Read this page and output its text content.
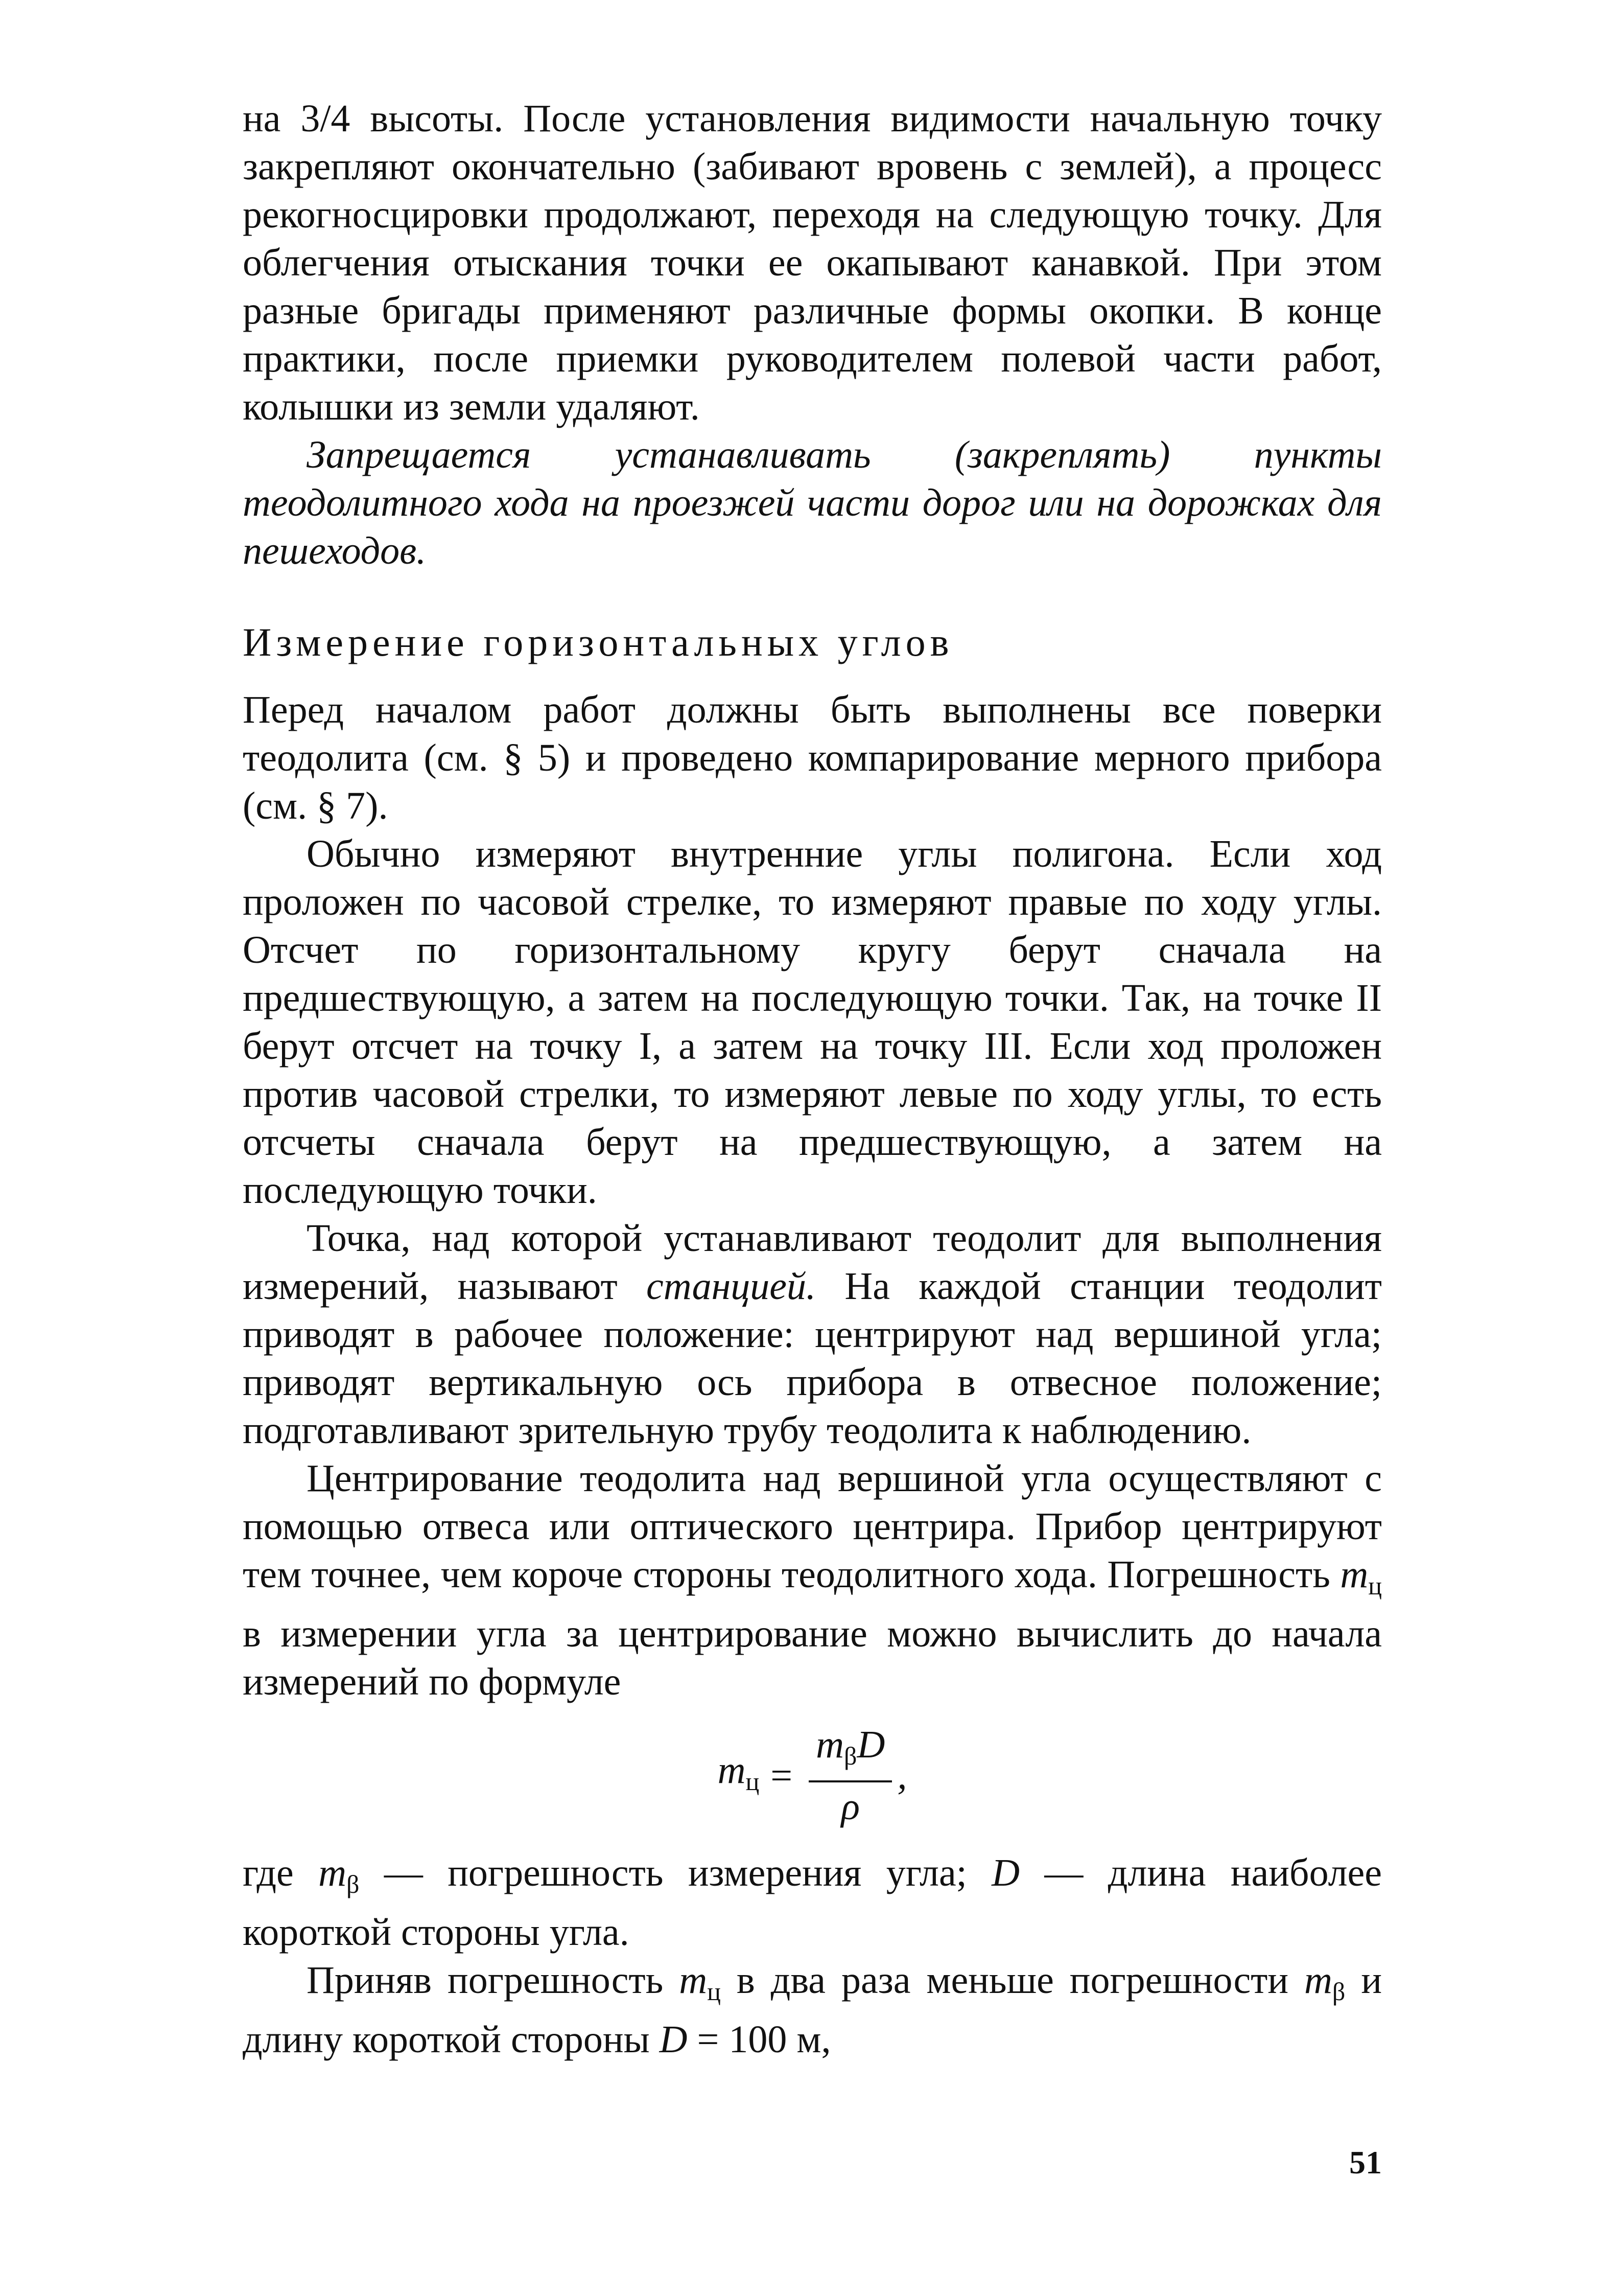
на 3/4 высоты. После установления видимости начальную точку закрепляют окончательно (забивают вровень с землей), а процесс рекогносцировки продолжают, переходя на следующую точку. Для облегчения отыскания точки ее окапывают канавкой. При этом разные бригады применяют различные формы окопки. В конце практики, после приемки руководителем полевой части работ, колышки из земли удаляют.

Запрещается устанавливать (закреплять) пункты теодолитного хода на проезжей части дорог или на дорожках для пешеходов.

Измерение горизонтальных углов

Перед началом работ должны быть выполнены все поверки теодолита (см. § 5) и проведено компарирование мерного прибора (см. § 7).

Обычно измеряют внутренние углы полигона. Если ход проложен по часовой стрелке, то измеряют правые по ходу углы. Отсчет по горизонтальному кругу берут сначала на предшествующую, а затем на последующую точки. Так, на точке II берут отсчет на точку I, а затем на точку III. Если ход проложен против часовой стрелки, то измеряют левые по ходу углы, то есть отсчеты сначала берут на предшествующую, а затем на последующую точки.

Точка, над которой устанавливают теодолит для выполнения измерений, называют станцией. На каждой станции теодолит приводят в рабочее положение: центрируют над вершиной угла; приводят вертикальную ось прибора в отвесное положение; подготавливают зрительную трубу теодолита к наблюдению.

Центрирование теодолита над вершиной угла осуществляют с помощью отвеса или оптического центрира. Прибор центрируют тем точнее, чем короче стороны теодолитного хода. Погрешность $m_ц$ в измерении угла за центрирование можно вычислить до начала измерений по формуле

$m_ц = \frac{m_\beta D}{\rho}$ ,

где $m_\beta$ — погрешность измерения угла; D — длина наиболее короткой стороны угла.

Приняв погрешность $m_ц$ в два раза меньше погрешности $m_\beta$ и длину короткой стороны D = 100 м,

51
